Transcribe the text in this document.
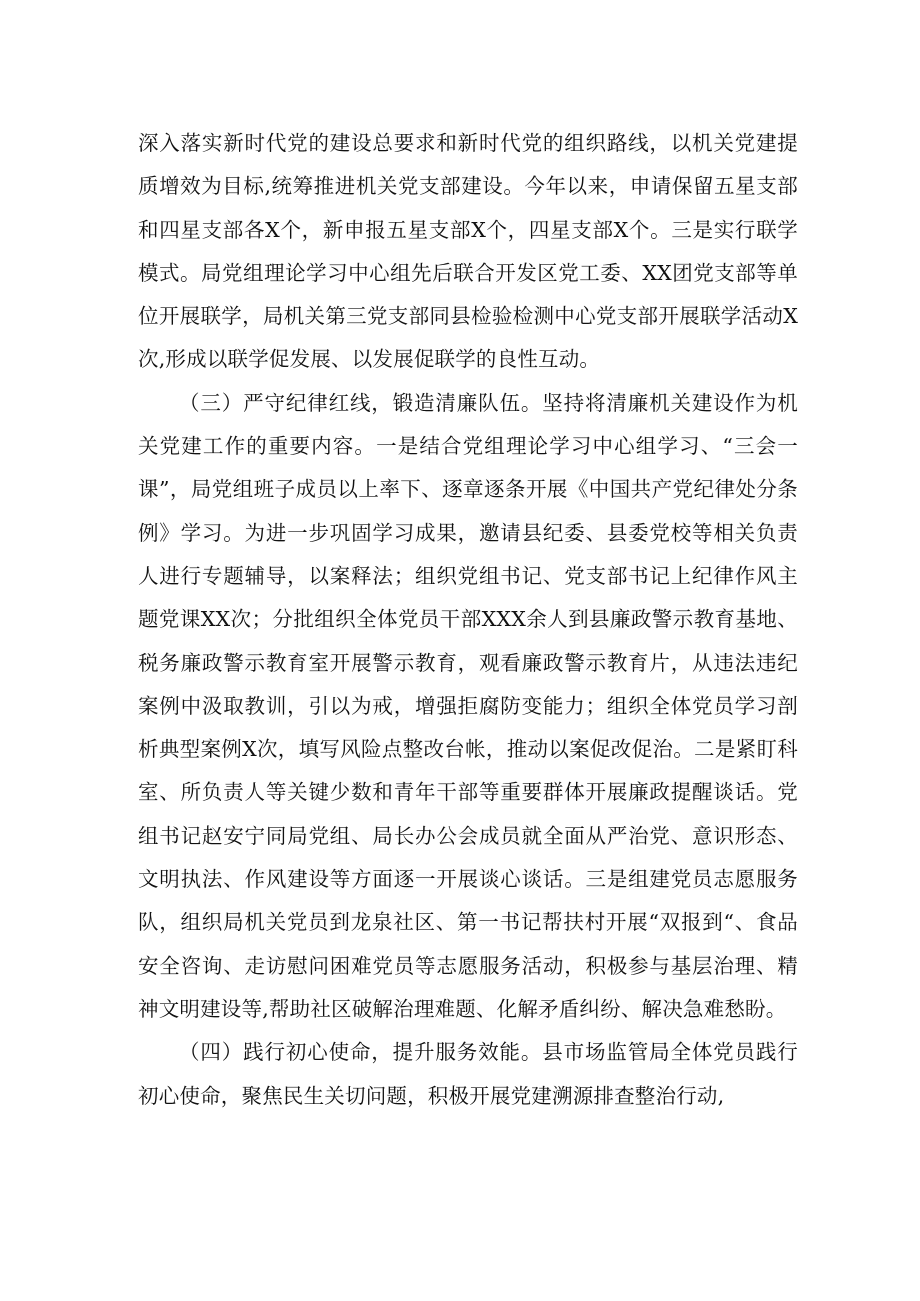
深入落实新时代党的建设总要求和新时代党的组织路线，以机关党建提质增效为目标,统筹推进机关党支部建设。今年以来，申请保留五星支部和四星支部各X个，新申报五星支部X个，四星支部X个。三是实行联学模式。局党组理论学习中心组先后联合开发区党工委、XX团党支部等单位开展联学，局机关第三党支部同县检验检测中心党支部开展联学活动X次,形成以联学促发展、以发展促联学的良性互动。

（三）严守纪律红线，锻造清廉队伍。坚持将清廉机关建设作为机关党建工作的重要内容。一是结合党组理论学习中心组学习、“三会一课”，局党组班子成员以上率下、逐章逐条开展《中国共产党纪律处分条例》学习。为进一步巩固学习成果，邀请县纪委、县委党校等相关负责人进行专题辅导，以案释法；组织党组书记、党支部书记上纪律作风主题党课XX次；分批组织全体党员干部XXX余人到县廉政警示教育基地、税务廉政警示教育室开展警示教育，观看廉政警示教育片，从违法违纪案例中汲取教训，引以为戒，增强拒腐防变能力；组织全体党员学习剖析典型案例X次，填写风险点整改台帐，推动以案促改促治。二是紧盯科室、所负责人等关键少数和青年干部等重要群体开展廉政提醒谈话。党组书记赵安宁同局党组、局长办公会成员就全面从严治党、意识形态、文明执法、作风建设等方面逐一开展谈心谈话。三是组建党员志愿服务队，组织局机关党员到龙泉社区、第一书记帮扶村开展“双报到“、食品安全咨询、走访慰问困难党员等志愿服务活动，积极参与基层治理、精神文明建设等,帮助社区破解治理难题、化解矛盾纠纷、解决急难愁盼。

（四）践行初心使命，提升服务效能。县市场监管局全体党员践行初心使命，聚焦民生关切问题，积极开展党建溯源排查整治行动,
